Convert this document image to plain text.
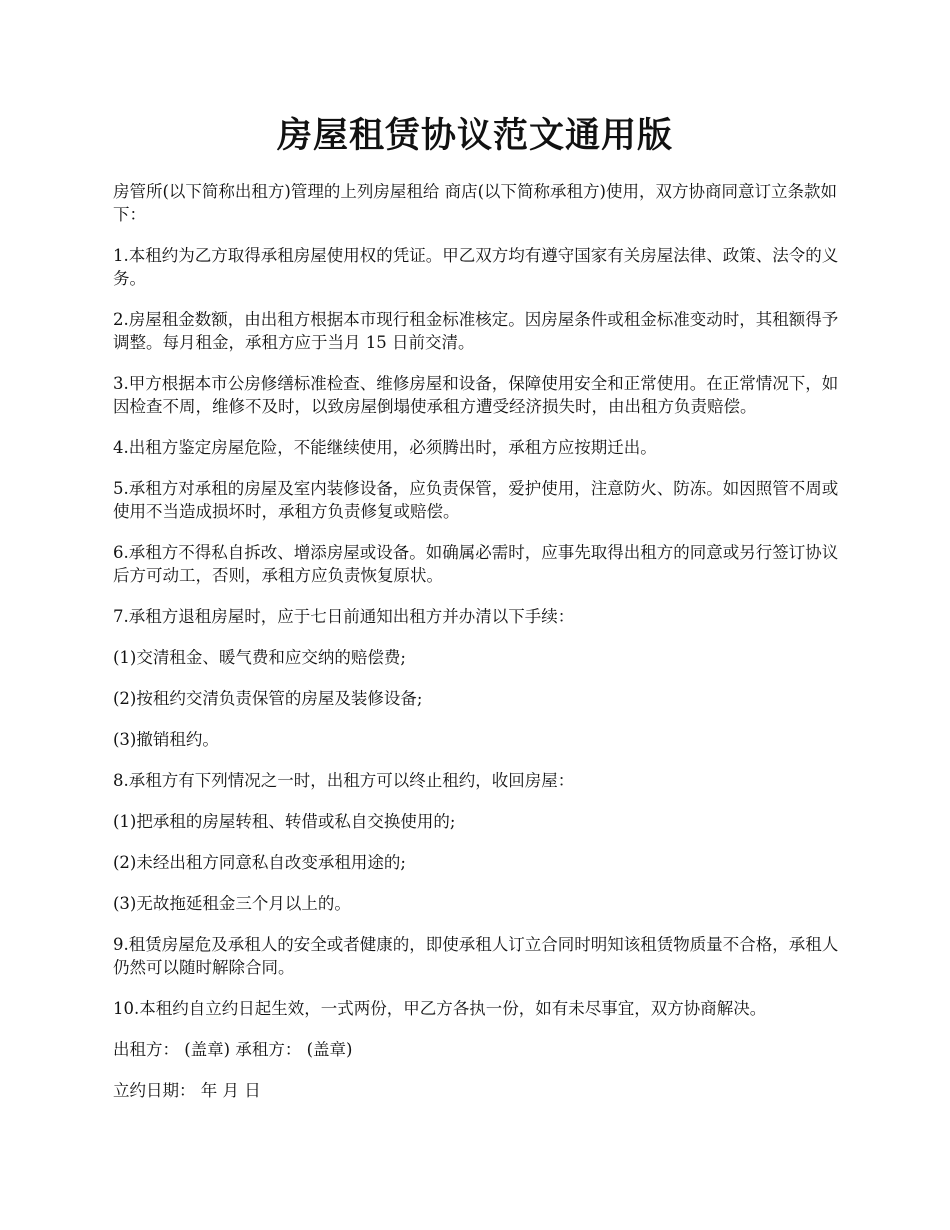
房屋租赁协议范文通用版

房管所(以下简称出租方)管理的上列房屋租给 商店(以下简称承租方)使用，双方协商同意订立条款如下：

1.本租约为乙方取得承租房屋使用权的凭证。甲乙双方均有遵守国家有关房屋法律、政策、法令的义务。

2.房屋租金数额，由出租方根据本市现行租金标准核定。因房屋条件或租金标准变动时，其租额得予调整。每月租金，承租方应于当月 15 日前交清。

3.甲方根据本市公房修缮标准检查、维修房屋和设备，保障使用安全和正常使用。在正常情况下，如因检查不周，维修不及时，以致房屋倒塌使承租方遭受经济损失时，由出租方负责赔偿。

4.出租方鉴定房屋危险，不能继续使用，必须腾出时，承租方应按期迁出。

5.承租方对承租的房屋及室内装修设备，应负责保管，爱护使用，注意防火、防冻。如因照管不周或使用不当造成损坏时，承租方负责修复或赔偿。

6.承租方不得私自拆改、增添房屋或设备。如确属必需时，应事先取得出租方的同意或另行签订协议后方可动工，否则，承租方应负责恢复原状。

7.承租方退租房屋时，应于七日前通知出租方并办清以下手续：

(1)交清租金、暖气费和应交纳的赔偿费;

(2)按租约交清负责保管的房屋及装修设备;

(3)撤销租约。

8.承租方有下列情况之一时，出租方可以终止租约，收回房屋：

(1)把承租的房屋转租、转借或私自交换使用的;

(2)未经出租方同意私自改变承租用途的;

(3)无故拖延租金三个月以上的。

9.租赁房屋危及承租人的安全或者健康的，即使承租人订立合同时明知该租赁物质量不合格，承租人仍然可以随时解除合同。

10.本租约自立约日起生效，一式两份，甲乙方各执一份，如有未尽事宜，双方协商解决。

出租方： (盖章) 承租方： (盖章)

立约日期： 年 月 日
